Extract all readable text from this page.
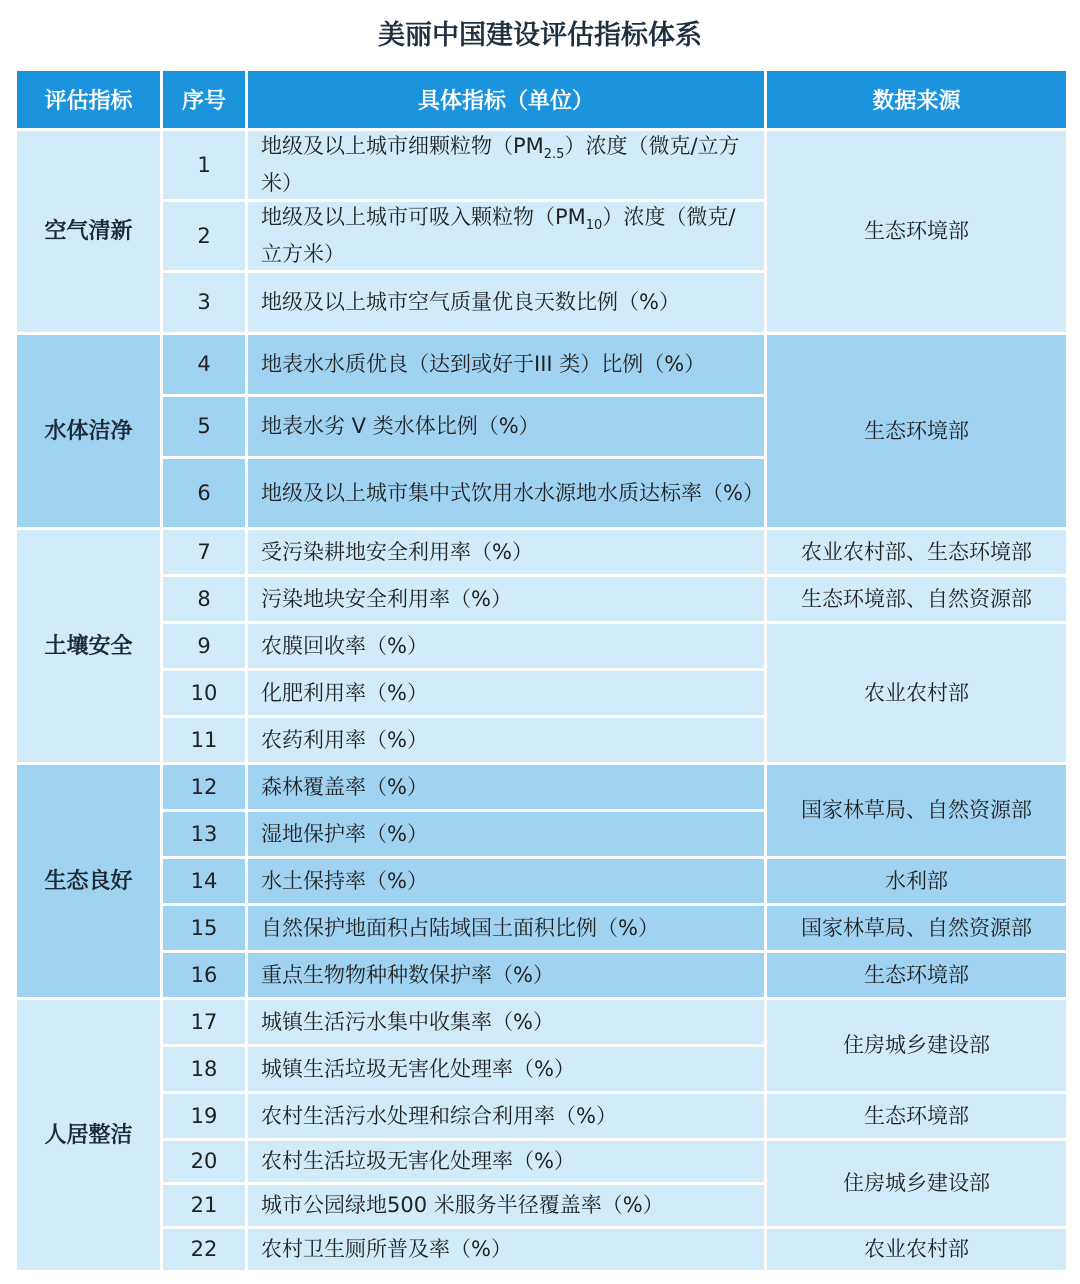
美丽中国建设评估指标体系
评估指标	序号	具体指标（单位）	数据来源
空气清新	1	地级及以上城市细颗粒物$(PM_{2.5})$浓度（微克/立方米）	生态环境部
	2	地级及以上城市可吸入颗粒物$(PM_{10})$浓度（微克/立方米）	
	3	地级及以上城市空气质量优良天数比例（%）	
水体洁净	4	地表水水质优良（达到或好于III 类）比例（%）	生态环境部
	5	地表水劣 V 类水体比例（%）	
	6	地级及以上城市集中式饮用水水源地水质达标率（%）	
土壤安全	7	受污染耕地安全利用率（%）	农业农村部、生态环境部
	8	污染地块安全利用率（%）	生态环境部、自然资源部
	9	农膜回收率（%）	农业农村部
	10	化肥利用率（%）	
	11	农药利用率（%）	
生态良好	12	森林覆盖率（%）	国家林草局、自然资源部
	13	湿地保护率（%）	
	14	水土保持率（%）	水利部
	15	自然保护地面积占陆域国土面积比例（%）	国家林草局、自然资源部
	16	重点生物物种种数保护率（%）	生态环境部
人居整洁	17	城镇生活污水集中收集率（%）	住房城乡建设部
	18	城镇生活垃圾无害化处理率（%）	
	19	农村生活污水处理和综合利用率（%）	生态环境部
	20	农村生活垃圾无害化处理率（%）	住房城乡建设部
	21	城市公园绿地500 米服务半径覆盖率（%）	
	22	农村卫生厕所普及率（%）	农业农村部
